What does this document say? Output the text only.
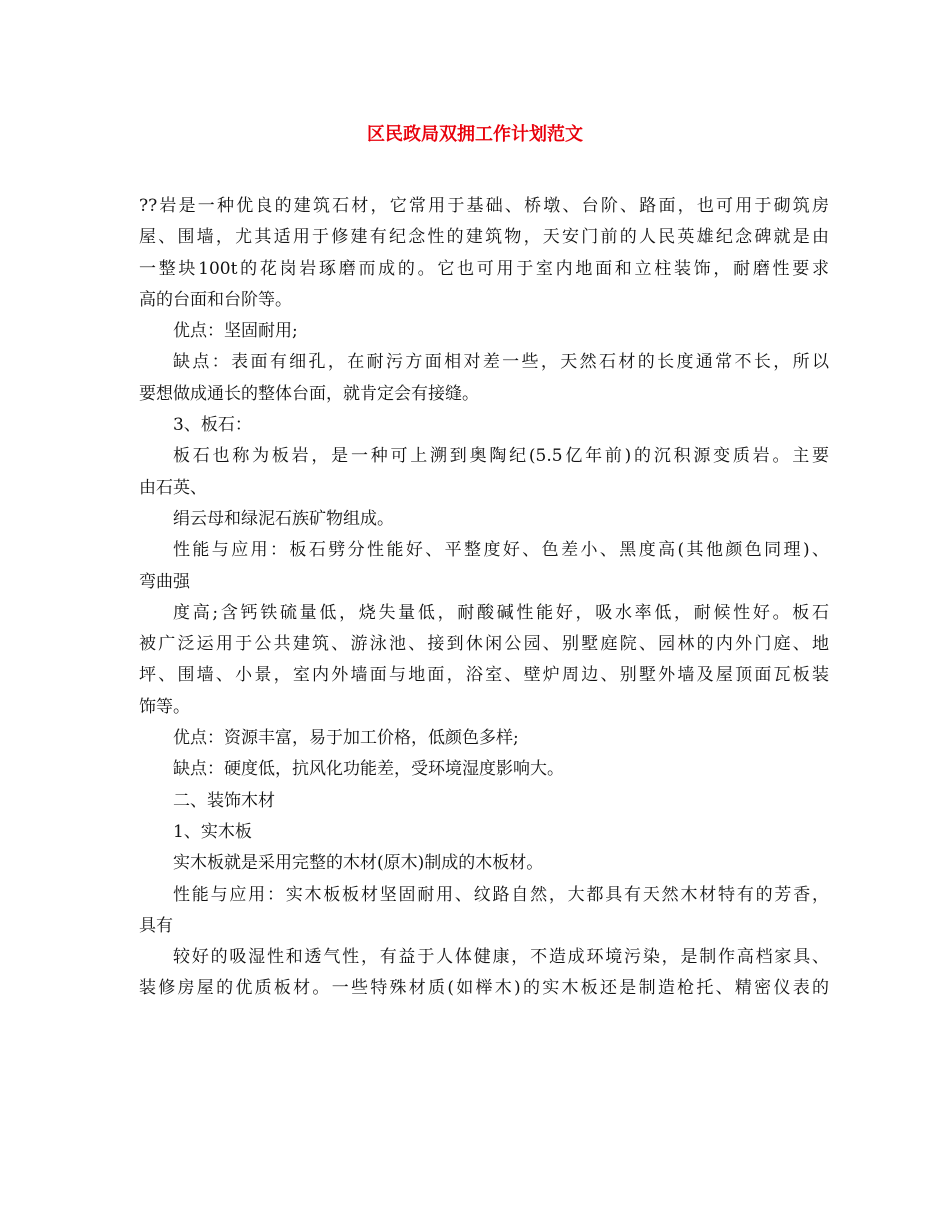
区民政局双拥工作计划范文
??岩是一种优良的建筑石材，它常用于基础、桥墩、台阶、路面，也可用于砌筑房
屋、围墙，尤其适用于修建有纪念性的建筑物，天安门前的人民英雄纪念碑就是由
一整块100t的花岗岩琢磨而成的。它也可用于室内地面和立柱装饰，耐磨性要求
高的台面和台阶等。
优点：坚固耐用;
缺点：表面有细孔，在耐污方面相对差一些，天然石材的长度通常不长，所以
要想做成通长的整体台面，就肯定会有接缝。
3、板石：
板石也称为板岩，是一种可上溯到奥陶纪(5.5亿年前)的沉积源变质岩。主要
由石英、
绢云母和绿泥石族矿物组成。
性能与应用：板石劈分性能好、平整度好、色差小、黑度高(其他颜色同理)、
弯曲强
度高;含钙铁硫量低，烧失量低，耐酸碱性能好，吸水率低，耐候性好。板石
被广泛运用于公共建筑、游泳池、接到休闲公园、别墅庭院、园林的内外门庭、地
坪、围墙、小景，室内外墙面与地面，浴室、壁炉周边、别墅外墙及屋顶面瓦板装
饰等。
优点：资源丰富，易于加工价格，低颜色多样;
缺点：硬度低，抗风化功能差，受环境湿度影响大。
二、装饰木材
1、实木板
实木板就是采用完整的木材(原木)制成的木板材。
性能与应用：实木板板材坚固耐用、纹路自然，大都具有天然木材特有的芳香，
具有
较好的吸湿性和透气性，有益于人体健康，不造成环境污染，是制作高档家具、
装修房屋的优质板材。一些特殊材质(如榉木)的实木板还是制造枪托、精密仪表的
